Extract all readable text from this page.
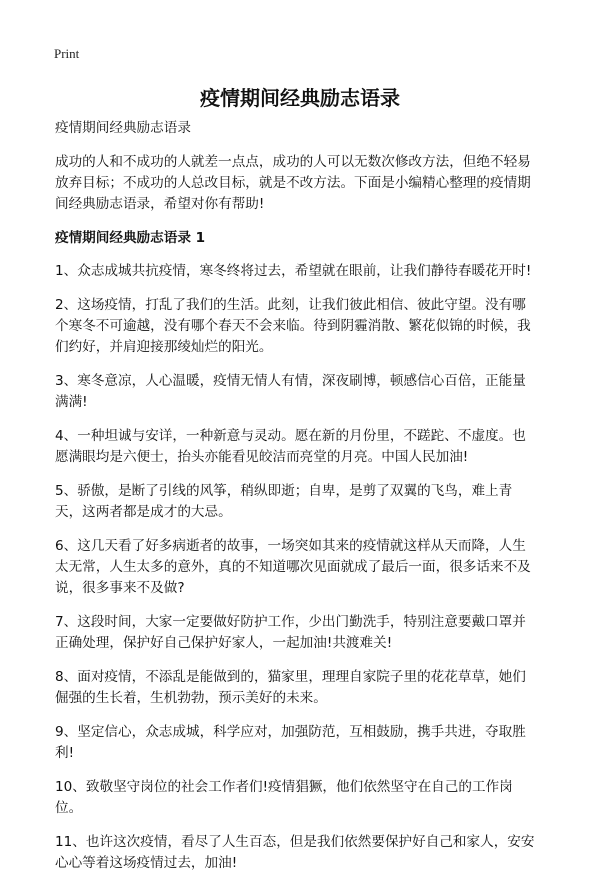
Print
疫情期间经典励志语录

疫情期间经典励志语录

成功的人和不成功的人就差一点点，成功的人可以无数次修改方法，但绝不轻易放弃目标；不成功的人总改目标，就是不改方法。下面是小编精心整理的疫情期间经典励志语录，希望对你有帮助!

疫情期间经典励志语录 1

1、众志成城共抗疫情，寒冬终将过去，希望就在眼前，让我们静待春暖花开时!

2、这场疫情，打乱了我们的生活。此刻，让我们彼此相信、彼此守望。没有哪个寒冬不可逾越，没有哪个春天不会来临。待到阴霾消散、繁花似锦的时候，我们约好，并肩迎接那绫灿烂的阳光。

3、寒冬意凉，人心温暖，疫情无情人有情，深夜刷博，顿感信心百倍，正能量满满!

4、一种坦诚与安详，一种新意与灵动。愿在新的月份里，不蹉跎、不虚度。也愿满眼均是六便士，抬头亦能看见皎洁而亮堂的月亮。中国人民加油!

5、骄傲，是断了引线的风筝，稍纵即逝；自卑，是剪了双翼的飞鸟，难上青天，这两者都是成才的大忌。

6、这几天看了好多病逝者的故事，一场突如其来的疫情就这样从天而降，人生太无常，人生太多的意外，真的不知道哪次见面就成了最后一面，很多话来不及说，很多事来不及做?

7、这段时间，大家一定要做好防护工作，少出门勤洗手，特别注意要戴口罩并正确处理，保护好自己保护好家人，一起加油!共渡难关!

8、面对疫情，不添乱是能做到的，猫家里，理理自家院子里的花花草草，她们倔强的生长着，生机勃勃，预示美好的未来。

9、坚定信心，众志成城，科学应对，加强防范，互相鼓励，携手共进，夺取胜利!

10、致敬坚守岗位的社会工作者们!疫情猖獗，他们依然坚守在自己的工作岗位。

11、也许这次疫情，看尽了人生百态，但是我们依然要保护好自己和家人，安安心心等着这场疫情过去，加油!
